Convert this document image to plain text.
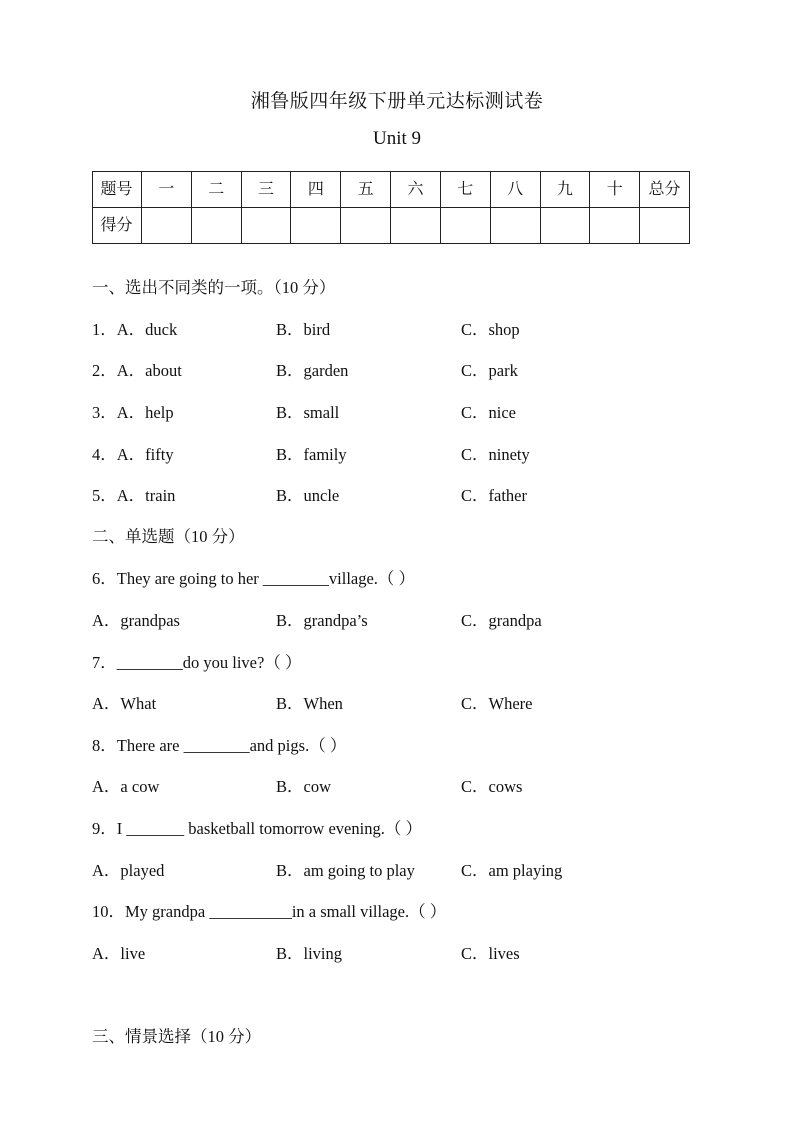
湘鲁版四年级下册单元达标测试卷
Unit 9
题号	一	二	三	四	五	六	七	八	九	十	总分
得分											
一、选出不同类的一项。（10 分）
1．A．duck	B．bird	C．shop
2．A．about	B．garden	C．park
3．A．help	B．small	C．nice
4．A．fifty	B．family	C．ninety
5．A．train	B．uncle	C．father
二、单选题（10 分）
6．They are going to her ________village.（ ）
A．grandpas	B．grandpa’s	C．grandpa
7．________do you live?（ ）
A．What	B．When	C．Where
8．There are ________and pigs.（ ）
A．a cow	B．cow	C．cows
9．I _______ basketball tomorrow evening.（ ）
A．played	B．am going to play	C．am playing
10．My grandpa __________in a small village.（ ）
A．live	B．living	C．lives
三、情景选择（10 分）
